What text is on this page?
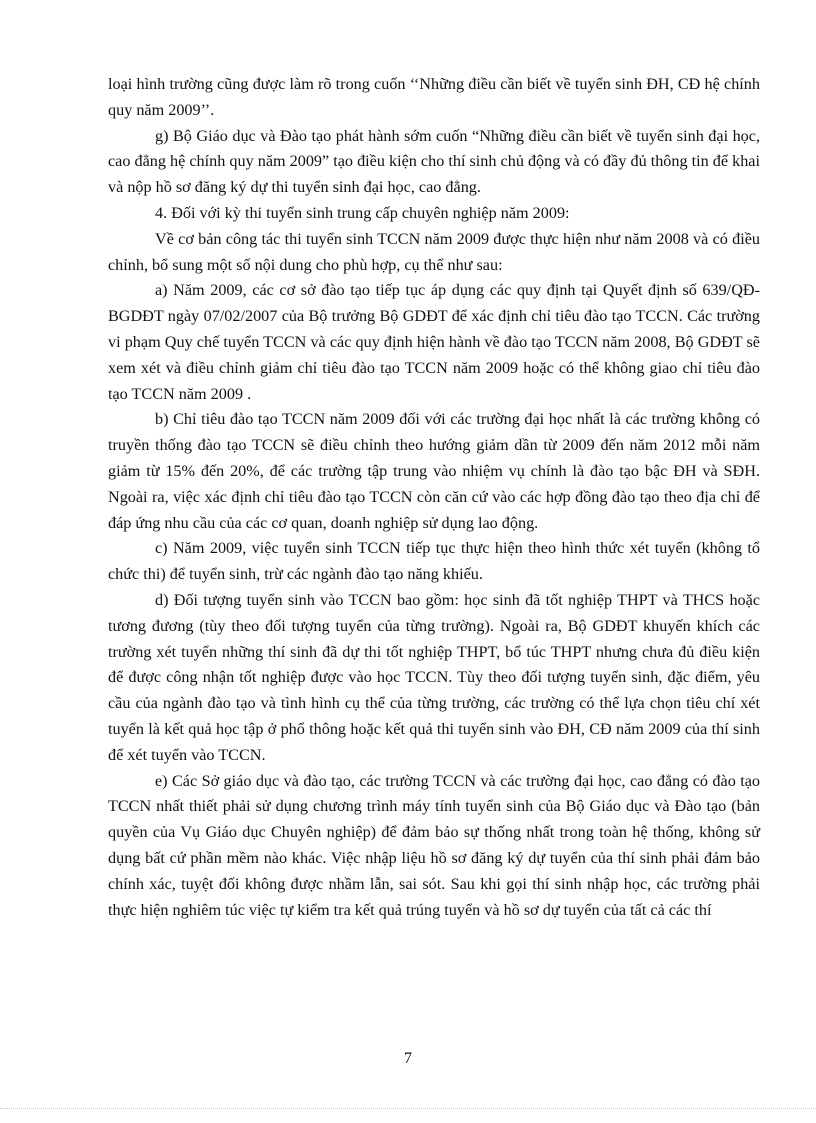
loại hình trường cũng được làm rõ trong cuốn ‘‘Những điều cần biết về tuyển sinh ĐH, CĐ hệ chính quy năm 2009’’.

g) Bộ Giáo dục và Đào tạo phát hành sớm cuốn “Những điều cần biết về tuyển sinh đại học, cao đẳng hệ chính quy năm 2009” tạo điều kiện cho thí sinh chủ động và có đầy đủ thông tin để khai và nộp hồ sơ đăng ký dự thi tuyển sinh đại học, cao đẳng.

4. Đối với kỳ thi tuyển sinh trung cấp chuyên nghiệp năm 2009:

Về cơ bản công tác thi tuyển sinh TCCN năm 2009 được thực hiện như năm 2008 và có điều chỉnh, bổ sung một số nội dung cho phù hợp, cụ thể như sau:

a) Năm 2009, các cơ sở đào tạo tiếp tục áp dụng các quy định tại Quyết định số 639/QĐ-BGDĐT ngày 07/02/2007 của Bộ trưởng Bộ GDĐT để xác định chỉ tiêu đào tạo TCCN. Các trường vi phạm Quy chế tuyển TCCN và các quy định hiện hành về đào tạo TCCN năm 2008, Bộ GDĐT sẽ xem xét và điều chỉnh giảm chỉ tiêu đào tạo TCCN năm 2009 hoặc có thể không giao chỉ tiêu đào tạo TCCN năm 2009 .

b) Chỉ tiêu đào tạo TCCN năm 2009 đối với các trường đại học nhất là các trường không có truyền thống đào tạo TCCN sẽ điều chỉnh theo hướng giảm dần từ 2009 đến năm 2012 mỗi năm giảm từ 15% đến 20%, để các trường tập trung vào nhiệm vụ chính là đào tạo bậc ĐH và SĐH. Ngoài ra, việc xác định chỉ tiêu đào tạo TCCN còn căn cứ vào các hợp đồng đào tạo theo địa chỉ để đáp ứng nhu cầu của các cơ quan, doanh nghiệp sử dụng lao động.

c) Năm 2009, việc tuyển sinh TCCN tiếp tục thực hiện theo hình thức xét tuyển (không tổ chức thi) để tuyển sinh, trừ các ngành đào tạo năng khiếu.

d) Đối tượng tuyển sinh vào TCCN bao gồm: học sinh đã tốt nghiệp THPT và THCS hoặc tương đương (tùy theo đối tượng tuyển của từng trường). Ngoài ra, Bộ GDĐT khuyến khích các trường xét tuyển những thí sinh đã dự thi tốt nghiệp THPT, bổ túc THPT nhưng chưa đủ điều kiện để được công nhận tốt nghiệp được vào học TCCN. Tùy theo đối tượng tuyển sinh, đặc điểm, yêu cầu của ngành đào tạo và tình hình cụ thể của từng trường, các trường có thể lựa chọn tiêu chí xét tuyển là kết quả học tập ở phổ thông hoặc kết quả thi tuyển sinh vào ĐH, CĐ năm 2009 của thí sinh để xét tuyển vào TCCN.

e) Các Sở giáo dục và đào tạo, các trường TCCN và các trường đại học, cao đẳng có đào tạo TCCN nhất thiết phải sử dụng chương trình máy tính tuyển sinh của Bộ Giáo dục và Đào tạo (bản quyền của Vụ Giáo dục Chuyên nghiệp) để đảm bảo sự thống nhất trong toàn hệ thống, không sử dụng bất cứ phần mềm nào khác. Việc nhập liệu hồ sơ đăng ký dự tuyển của thí sinh phải đảm bảo chính xác, tuyệt đối không được nhầm lẫn, sai sót. Sau khi gọi thí sinh nhập học, các trường phải thực hiện nghiêm túc việc tự kiểm tra kết quả trúng tuyển và hồ sơ dự tuyển của tất cả các thí

7
